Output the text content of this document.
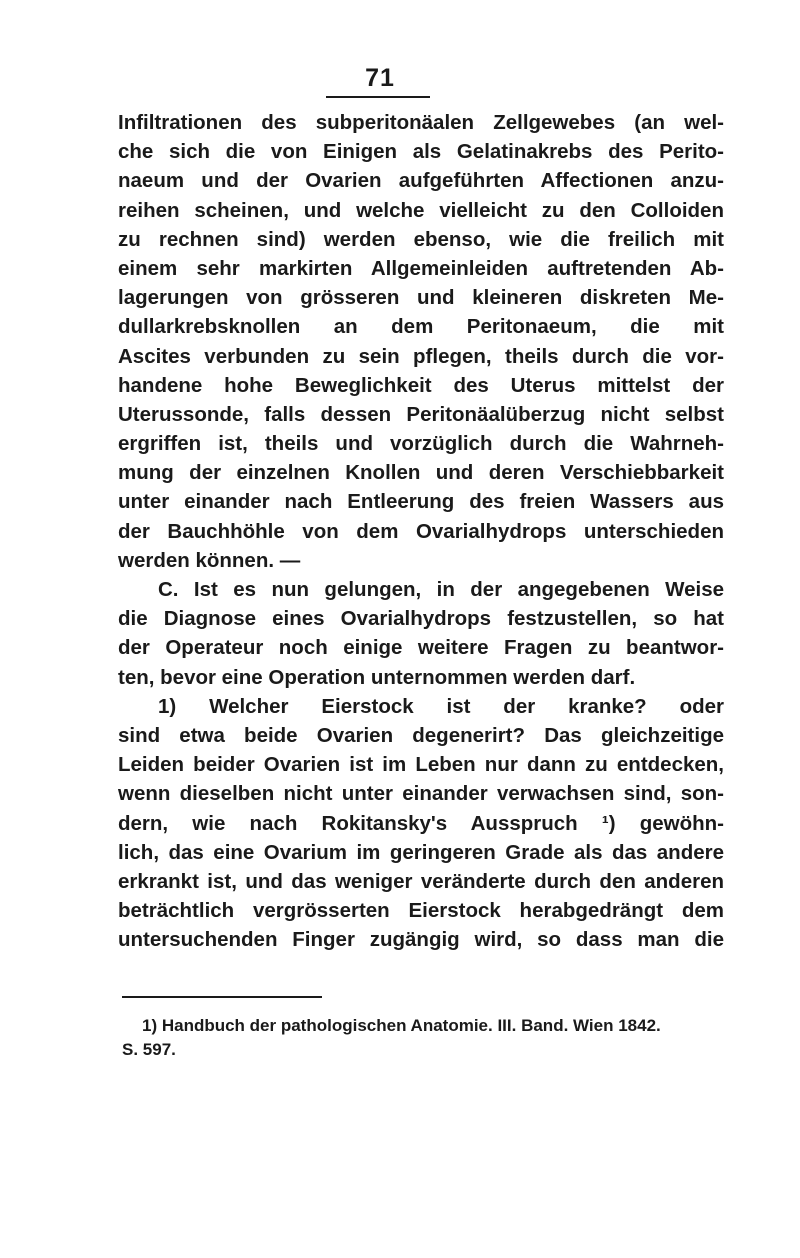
71
Infiltrationen des subperitonäalen Zellgewebes (an wel-
che sich die von Einigen als Gelatinakrebs des Perito-
naeum und der Ovarien aufgeführten Affectionen anzu-
reihen scheinen, und welche vielleicht zu den Colloiden
zu rechnen sind) werden ebenso, wie die freilich mit
einem sehr markirten Allgemeinleiden auftretenden Ab-
lagerungen von grösseren und kleineren diskreten Me-
dullarkrebsknollen an dem Peritonaeum, die mit
Ascites verbunden zu sein pflegen, theils durch die vor-
handene hohe Beweglichkeit des Uterus mittelst der
Uterussonde, falls dessen Peritonäalüberzug nicht selbst
ergriffen ist, theils und vorzüglich durch die Wahrneh-
mung der einzelnen Knollen und deren Verschiebbarkeit
unter einander nach Entleerung des freien Wassers aus
der Bauchhöhle von dem Ovarialhydrops unterschieden
werden können. —
C. Ist es nun gelungen, in der angegebenen Weise
die Diagnose eines Ovarialhydrops festzustellen, so hat
der Operateur noch einige weitere Fragen zu beantwor-
ten, bevor eine Operation unternommen werden darf.
1) Welcher Eierstock ist der kranke? oder
sind etwa beide Ovarien degenerirt? Das gleichzeitige
Leiden beider Ovarien ist im Leben nur dann zu entdecken,
wenn dieselben nicht unter einander verwachsen sind, son-
dern, wie nach Rokitansky's Ausspruch ¹) gewöhn-
lich, das eine Ovarium im geringeren Grade als das andere
erkrankt ist, und das weniger veränderte durch den anderen
beträchtlich vergrösserten Eierstock herabgedrängt dem
untersuchenden Finger zugängig wird, so dass man die
1) Handbuch der pathologischen Anatomie. III. Band. Wien 1842.
S. 597.
